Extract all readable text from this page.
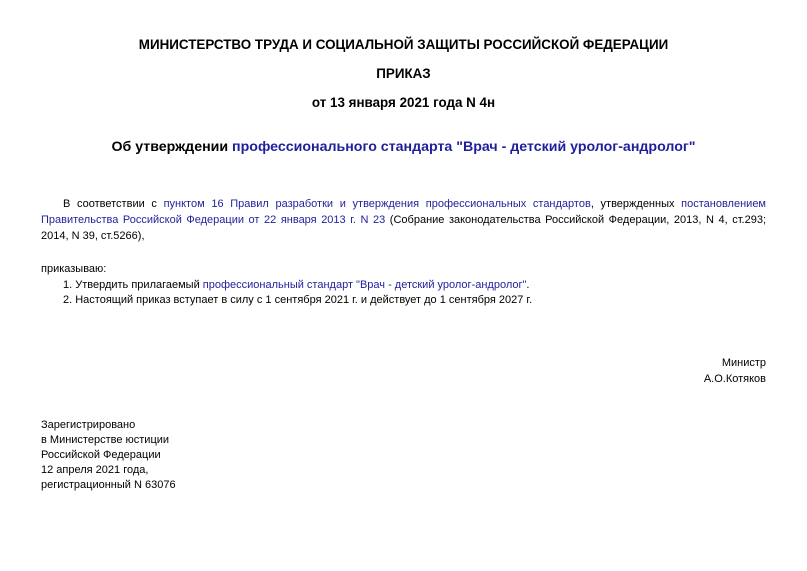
МИНИСТЕРСТВО ТРУДА И СОЦИАЛЬНОЙ ЗАЩИТЫ РОССИЙСКОЙ ФЕДЕРАЦИИ
ПРИКАЗ
от 13 января 2021 года N 4н
Об утверждении профессионального стандарта "Врач - детский уролог-андролог"
В соответствии с пунктом 16 Правил разработки и утверждения профессиональных стандартов, утвержденных постановлением Правительства Российской Федерации от 22 января 2013 г. N 23 (Собрание законодательства Российской Федерации, 2013, N 4, ст.293; 2014, N 39, ст.5266),
приказываю:
1. Утвердить прилагаемый профессиональный стандарт "Врач - детский уролог-андролог".
2. Настоящий приказ вступает в силу с 1 сентября 2021 г. и действует до 1 сентября 2027 г.
Министр
А.О.Котяков
Зарегистрировано
в Министерстве юстиции
Российской Федерации
12 апреля 2021 года,
регистрационный N 63076
